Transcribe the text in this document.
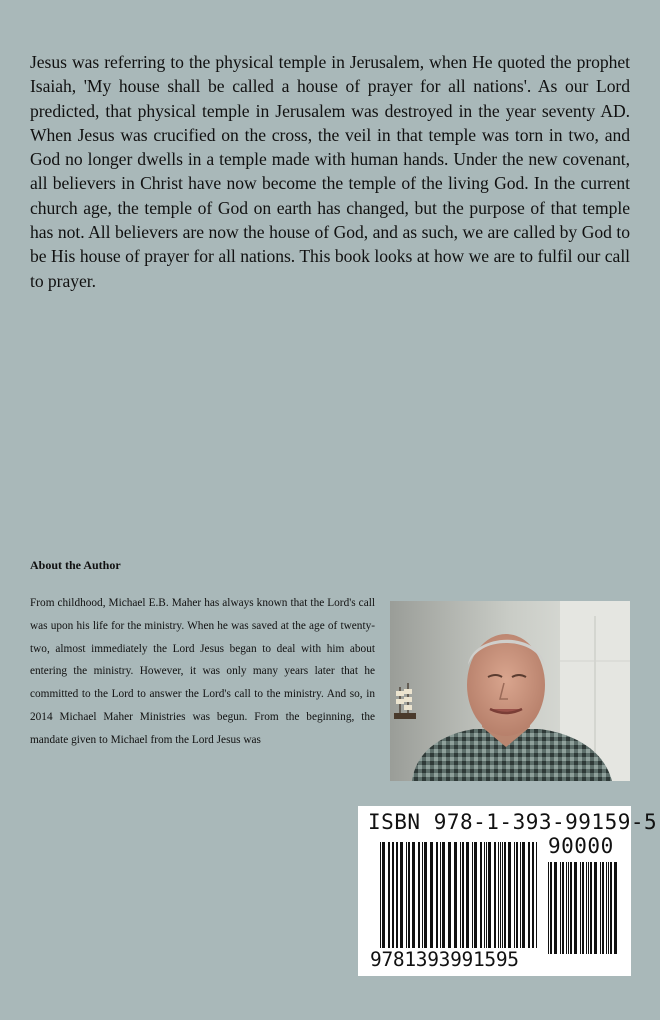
Jesus was referring to the physical temple in Jerusalem, when He quoted the prophet Isaiah, 'My house shall be called a house of prayer for all nations'. As our Lord predicted, that physical temple in Jerusalem was destroyed in the year seventy AD. When Jesus was crucified on the cross, the veil in that temple was torn in two, and God no longer dwells in a temple made with human hands. Under the new covenant, all believers in Christ have now become the temple of the living God. In the current church age, the temple of God on earth has changed, but the purpose of that temple has not. All believers are now the house of God, and as such, we are called by God to be His house of prayer for all nations. This book looks at how we are to fulfil our call to prayer.

About the Author

From childhood, Michael E.B. Maher has always known that the Lord's call was upon his life for the ministry. When he was saved at the age of twenty-two, almost immediately the Lord Jesus began to deal with him about entering the ministry. However, it was only many years later that he committed to the Lord to answer the Lord's call to the ministry. And so, in 2014 Michael Maher Ministries was begun. From the beginning, the mandate given to Michael from the Lord Jesus was

ISBN 978-1-393-99159-5
90000
9781393991595
